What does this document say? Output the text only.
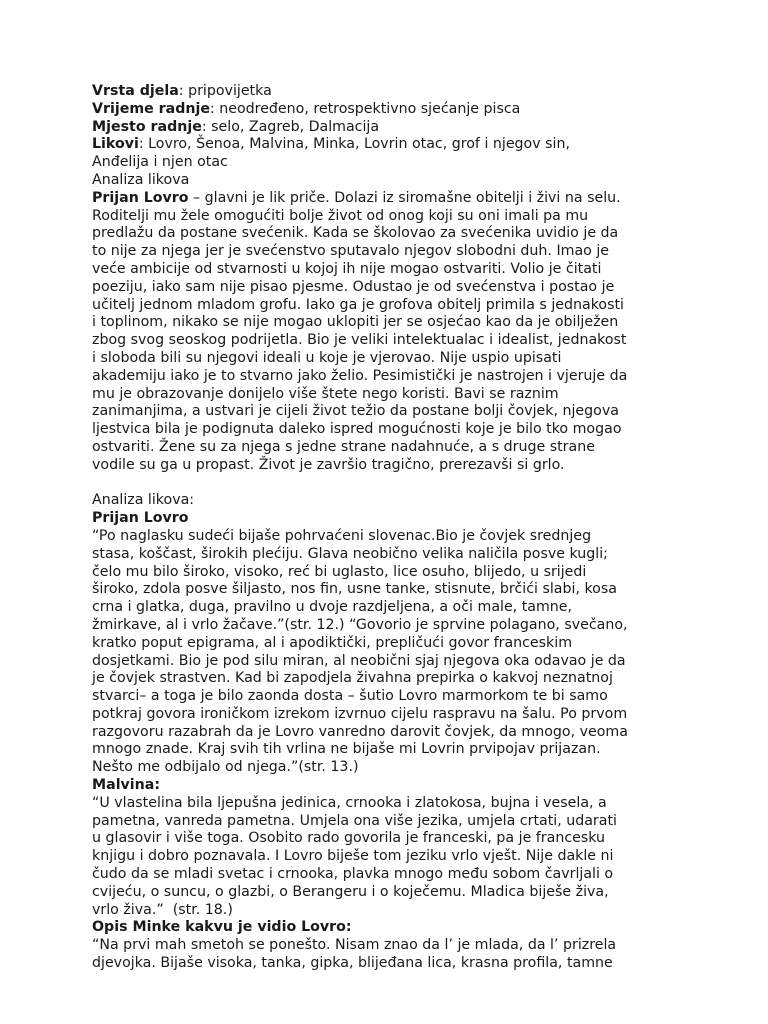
Vrsta djela: pripovijetka
Vrijeme radnje: neodređeno, retrospektivno sjećanje pisca
Mjesto radnje: selo, Zagreb, Dalmacija
Likovi: Lovro, Šenoa, Malvina, Minka, Lovrin otac, grof i njegov sin,
Anđelija i njen otac
Analiza likova
Prijan Lovro – glavni je lik priče. Dolazi iz siromašne obitelji i živi na selu.
Roditelji mu žele omogućiti bolje život od onog koji su oni imali pa mu
predlažu da postane svećenik. Kada se školovao za svećenika uvidio je da
to nije za njega jer je svećenstvo sputavalo njegov slobodni duh. Imao je
veće ambicije od stvarnosti u kojoj ih nije mogao ostvariti. Volio je čitati
poeziju, iako sam nije pisao pjesme. Odustao je od svećenstva i postao je
učitelj jednom mladom grofu. Iako ga je grofova obitelj primila s jednakosti
i toplinom, nikako se nije mogao uklopiti jer se osjećao kao da je obilježen
zbog svog seoskog podrijetla. Bio je veliki intelektualac i idealist, jednakost
i sloboda bili su njegovi ideali u koje je vjerovao. Nije uspio upisati
akademiju iako je to stvarno jako želio. Pesimistički je nastrojen i vjeruje da
mu je obrazovanje donijelo više štete nego koristi. Bavi se raznim
zanimanjima, a ustvari je cijeli život težio da postane bolji čovjek, njegova
ljestvica bila je podignuta daleko ispred mogućnosti koje je bilo tko mogao
ostvariti. Žene su za njega s jedne strane nadahnuće, a s druge strane
vodile su ga u propast. Život je završio tragično, prerezavši si grlo.
Analiza likova:
Prijan Lovro
“Po naglasku sudeći bijaše pohrvaćeni slovenac.Bio je čovjek srednjeg
stasa, koščast, širokih plećiju. Glava neobično velika naličila posve kugli;
čelo mu bilo široko, visoko, reć bi uglasto, lice osuho, blijedo, u srijedi
široko, zdola posve šiljasto, nos fin, usne tanke, stisnute, brčići slabi, kosa
crna i glatka, duga, pravilno u dvoje razdjeljena, a oči male, tamne,
žmirkave, al i vrlo žačave.”(str. 12.) “Govorio je sprvine polagano, svečano,
kratko poput epigrama, al i apodiktički, prepličući govor franceskim
dosjetkami. Bio je pod silu miran, al neobični sjaj njegova oka odavao je da
je čovjek strastven. Kad bi zapodjela živahna prepirka o kakvoj neznatnoj
stvarci– a toga je bilo zaonda dosta – šutio Lovro marmorkom te bi samo
potkraj govora ironičkom izrekom izvrnuo cijelu raspravu na šalu. Po prvom
razgovoru razabrah da je Lovro vanredno darovit čovjek, da mnogo, veoma
mnogo znade. Kraj svih tih vrlina ne bijaše mi Lovrin prvipojav prijazan.
Nešto me odbijalo od njega.”(str. 13.)
Malvina:
“U vlastelina bila ljepušna jedinica, crnooka i zlatokosa, bujna i vesela, a
pametna, vanreda pametna. Umjela ona više jezika, umjela crtati, udarati
u glasovir i više toga. Osobito rado govorila je franceski, pa je francesku
knjigu i dobro poznavala. I Lovro biješe tom jeziku vrlo vješt. Nije dakle ni
čudo da se mladi svetac i crnooka, plavka mnogo među sobom čavrljali o
cvijeću, o suncu, o glazbi, o Berangeru i o koječemu. Mladica biješe živa,
vrlo živa.”  (str. 18.)
Opis Minke kakvu je vidio Lovro:
“Na prvi mah smetoh se ponešto. Nisam znao da l’ je mlada, da l’ prizrela
djevojka. Bijaše visoka, tanka, gipka, blijeđana lica, krasna profila, tamne
